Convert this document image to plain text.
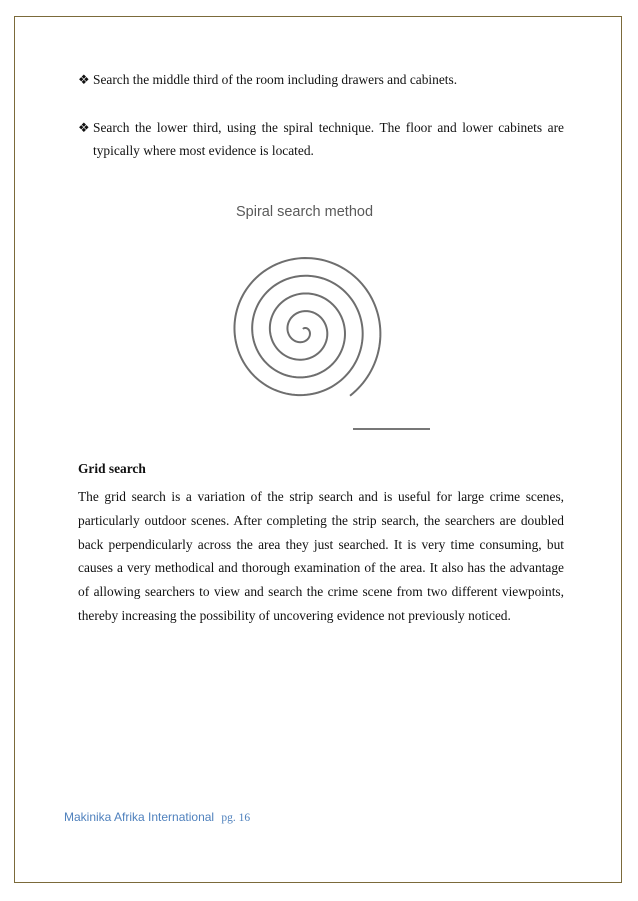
❖ Search the middle third of the room including drawers and cabinets.
❖ Search the lower third, using the spiral technique. The floor and lower cabinets are typically where most evidence is located.
Spiral search method
Grid search
The grid search is a variation of the strip search and is useful for large crime scenes, particularly outdoor scenes. After completing the strip search, the searchers are doubled back perpendicularly across the area they just searched. It is very time consuming, but causes a very methodical and thorough examination of the area. It also has the advantage of allowing searchers to view and search the crime scene from two different viewpoints, thereby increasing the possibility of uncovering evidence not previously noticed.
Makinika Afrika International pg. 16
